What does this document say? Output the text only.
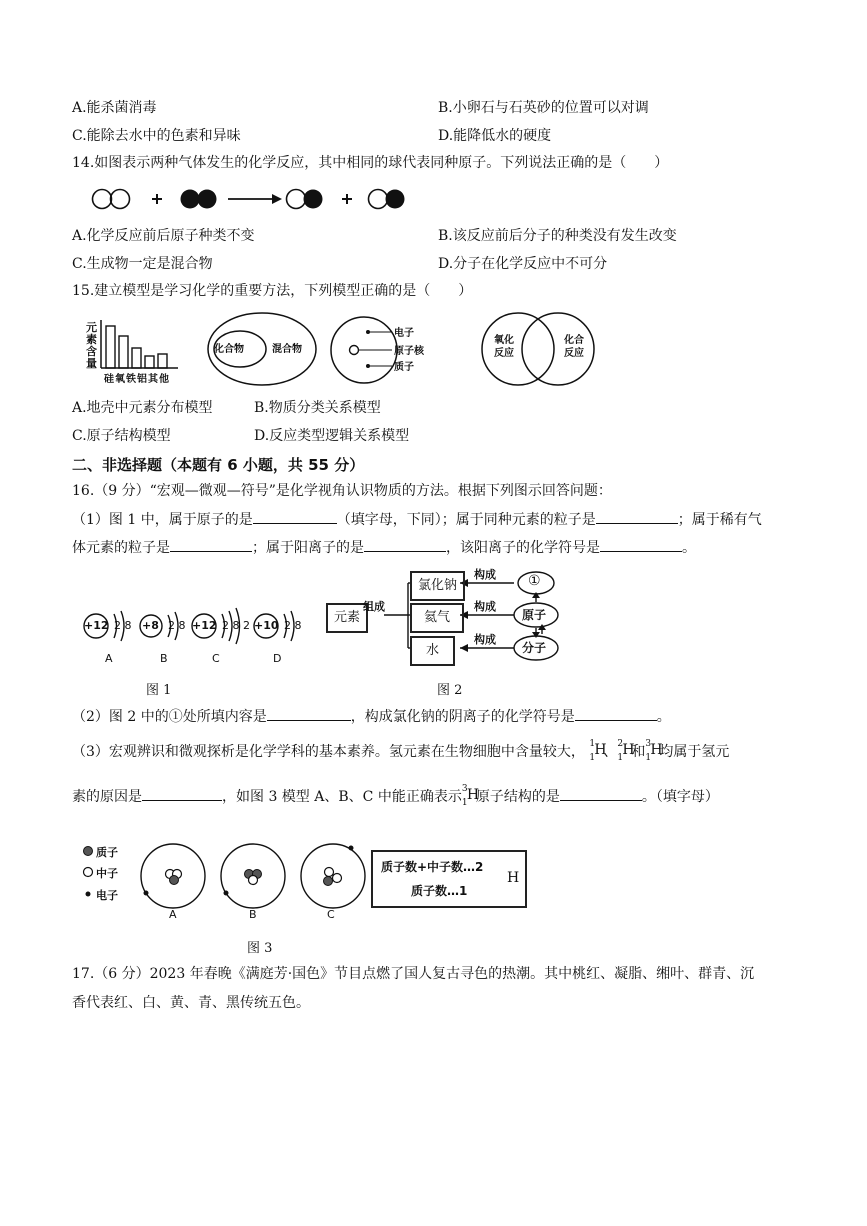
A.能杀菌消毒	B.小卵石与石英砂的位置可以对调
C.能除去水中的色素和异味	D.能降低水的硬度
14.如图表示两种气体发生的化学反应，其中相同的球代表同种原子。下列说法正确的是（　　）
A.化学反应前后原子种类不变	B.该反应前后分子的种类没有发生改变
C.生成物一定是混合物	D.分子在化学反应中不可分
15.建立模型是学习化学的重要方法，下列模型正确的是（　　）
元素含量
硅氧铁铝其他
化合物	混合物
电子
原子核
质子
氧化反应
化合反应
A.地壳中元素分布模型	B.物质分类关系模型
C.原子结构模型	D.反应类型逻辑关系模型
二、非选择题（本题有 6 小题，共 55 分）
16.（9 分）“宏观—微观—符号”是化学视角认识物质的方法。根据下列图示回答问题：
（1）图 1 中，属于原子的是	（填字母，下同）；属于同种元素的粒子是	；属于稀有气
体元素的粒子是	；属于阳离子的是	，该阳离子的化学符号是	。
+12 2 8 +8 2 8 +12 2 8 2 +10 2 8
A	B	C	D
图 1
元素
组成
氯化钠
氦气
水
构成
构成
构成
①
原子
分子
图 2
（2）图 2 中的①处所填内容是	，构成氯化钠的阴离子的化学符号是	。
（3）宏观辨识和微观探析是化学学科的基本素养。氢元素在生物细胞中含量较大， 1
1 H
、 2
1 H
和 3
1 H
均属于氢元
素的原因是	，如图 3 模型 A、B、C 中能正确表示 3
1 H
原子结构的是	。（填字母）
质子
中子
电子
A	B	C
质子数+中子数…2
质子数…1
H
图 3
17.（6 分）2023 年春晚《满庭芳·国色》节目点燃了国人复古寻色的热潮。其中桃红、凝脂、缃叶、群青、沉
香代表红、白、黄、青、黑传统五色。
